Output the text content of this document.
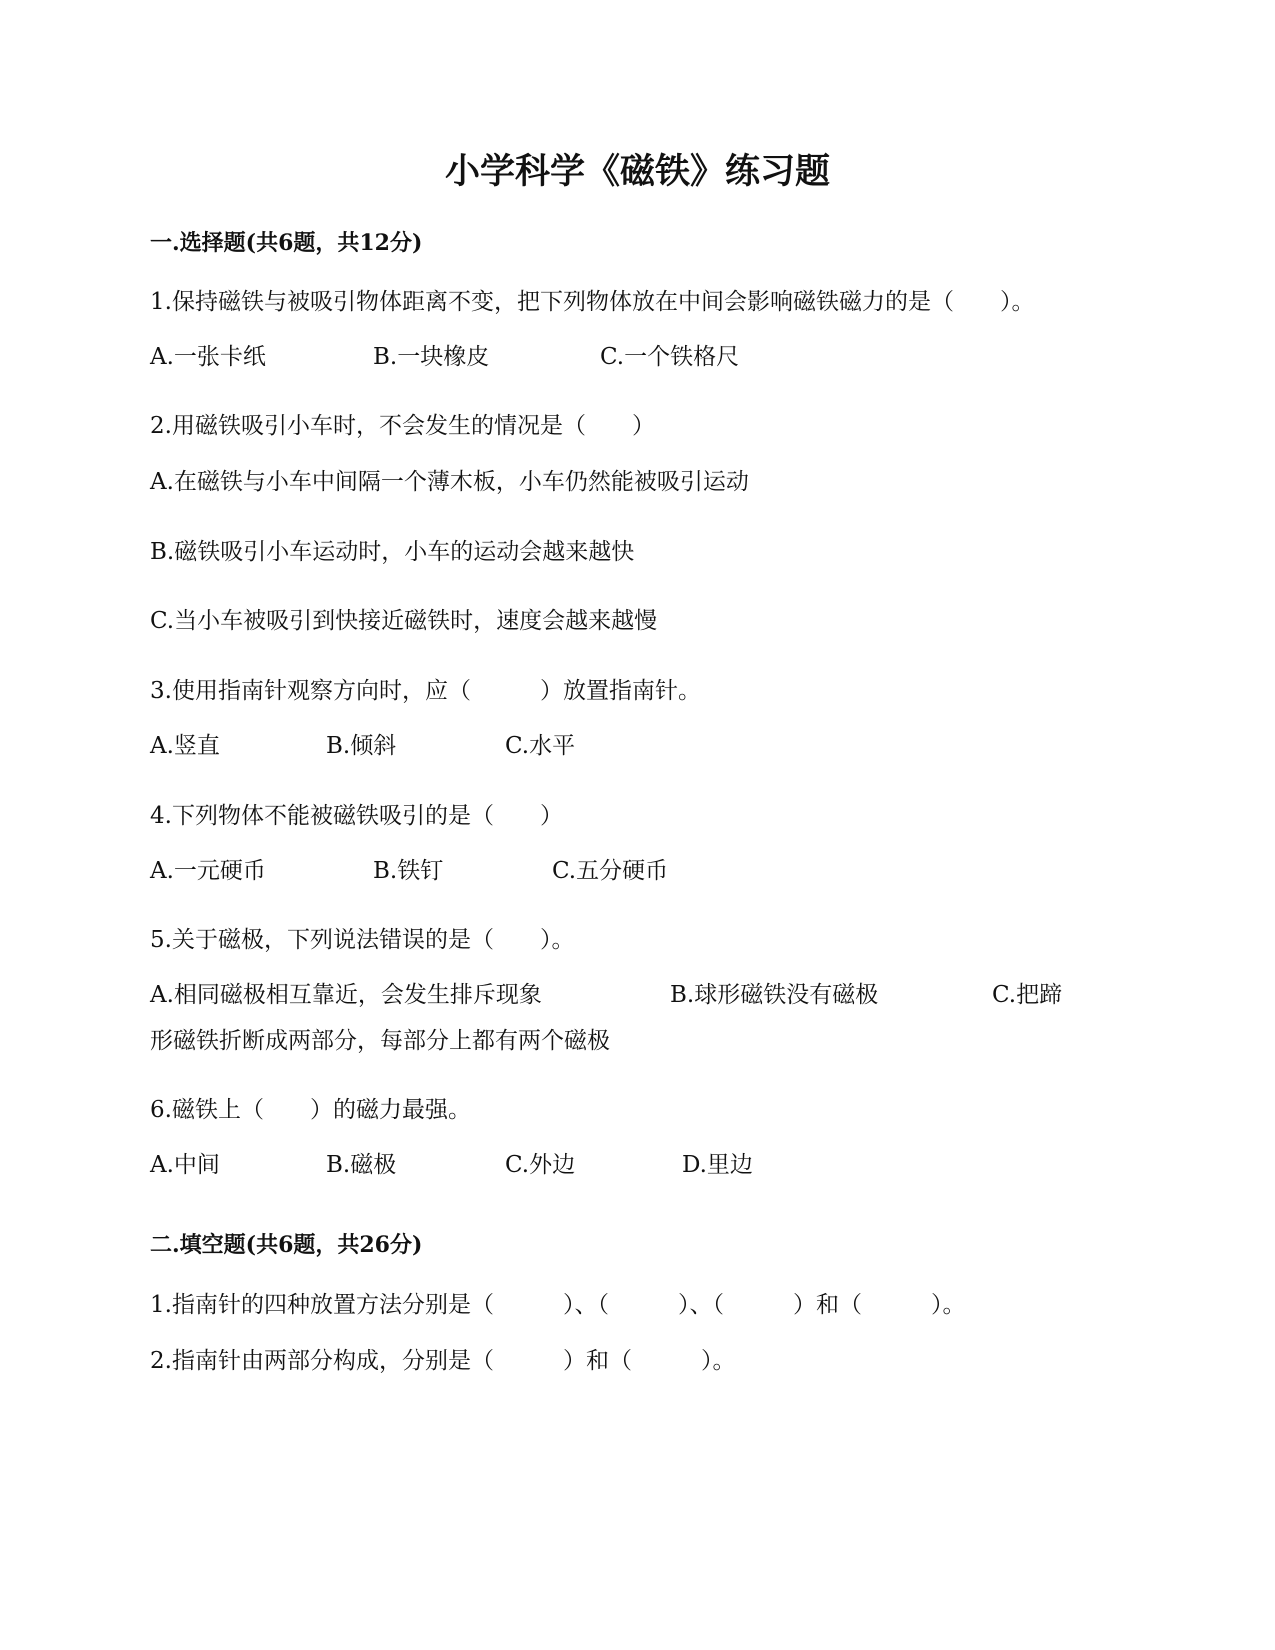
小学科学《磁铁》练习题
一.选择题(共6题，共12分)
1.保持磁铁与被吸引物体距离不变，把下列物体放在中间会影响磁铁磁力的是（　　）。
A.一张卡纸	B.一块橡皮	C.一个铁格尺
2.用磁铁吸引小车时，不会发生的情况是（　　）
A.在磁铁与小车中间隔一个薄木板，小车仍然能被吸引运动
B.磁铁吸引小车运动时，小车的运动会越来越快
C.当小车被吸引到快接近磁铁时，速度会越来越慢
3.使用指南针观察方向时，应（　　　）放置指南针。
A.竖直	B.倾斜	C.水平
4.下列物体不能被磁铁吸引的是（　　）
A.一元硬币	B.铁钉	C.五分硬币
5.关于磁极，下列说法错误的是（　　）。
A.相同磁极相互靠近，会发生排斥现象	B.球形磁铁没有磁极	C.把蹄
形磁铁折断成两部分，每部分上都有两个磁极
6.磁铁上（　　）的磁力最强。
A.中间	B.磁极	C.外边	D.里边
二.填空题(共6题，共26分)
1.指南针的四种放置方法分别是（　　　）、（　　　）、（　　　）和（　　　）。
2.指南针由两部分构成，分别是（　　　）和（　　　）。
